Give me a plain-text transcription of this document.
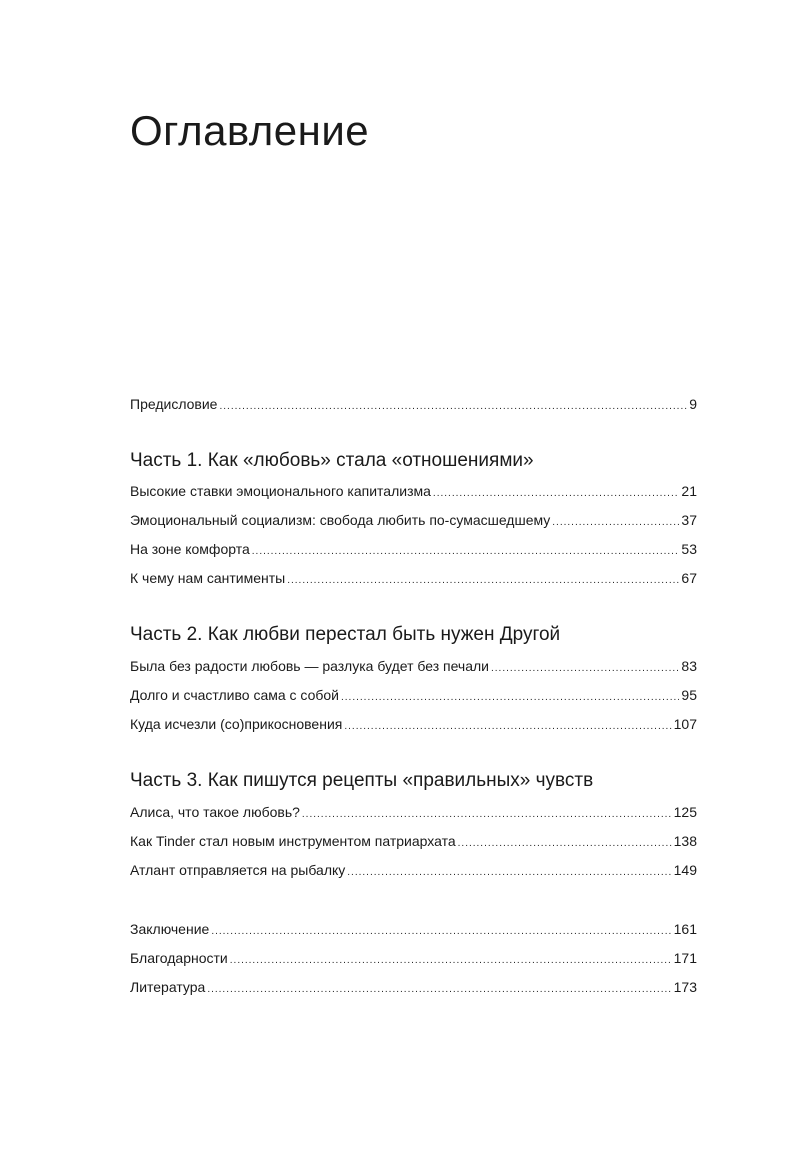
Оглавление
Предисловие .....	9
Часть 1. Как «любовь» стала «отношениями»
Высокие ставки эмоционального капитализма .....	21
Эмоциональный социализм: свобода любить по-сумасшедшему .....	37
На зоне комфорта .....	53
К чему нам сантименты .....	67
Часть 2. Как любви перестал быть нужен Другой
Была без радости любовь — разлука будет без печали .....	83
Долго и счастливо сама с собой .....	95
Куда исчезли (со)прикосновения .....	107
Часть 3. Как пишутся рецепты «правильных» чувств
Алиса, что такое любовь? .....	125
Как Tinder стал новым инструментом патриархата .....	138
Атлант отправляется на рыбалку .....	149
Заключение .....	161
Благодарности .....	171
Литература .....	173
